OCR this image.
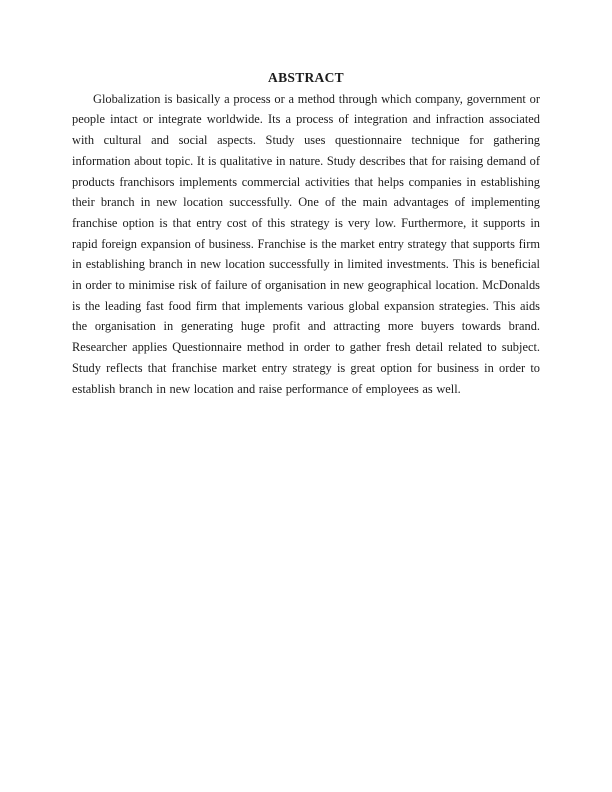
ABSTRACT

Globalization is basically a process or a method through which company, government or people intact or integrate worldwide. Its a process of integration and infraction associated with cultural and social aspects. Study uses questionnaire technique for gathering information about topic. It is qualitative in nature. Study describes that for raising demand of products franchisors implements commercial activities that helps companies in establishing their branch in new location successfully. One of the main advantages of implementing franchise option is that entry cost of this strategy is very low. Furthermore, it supports in rapid foreign expansion of business. Franchise is the market entry strategy that supports firm in establishing branch in new location successfully in limited investments. This is beneficial in order to minimise risk of failure of organisation in new geographical location. McDonalds is the leading fast food firm that implements various global expansion strategies. This aids the organisation in generating huge profit and attracting more buyers towards brand. Researcher applies Questionnaire method in order to gather fresh detail related to subject. Study reflects that franchise market entry strategy is great option for business in order to establish branch in new location and raise performance of employees as well.
